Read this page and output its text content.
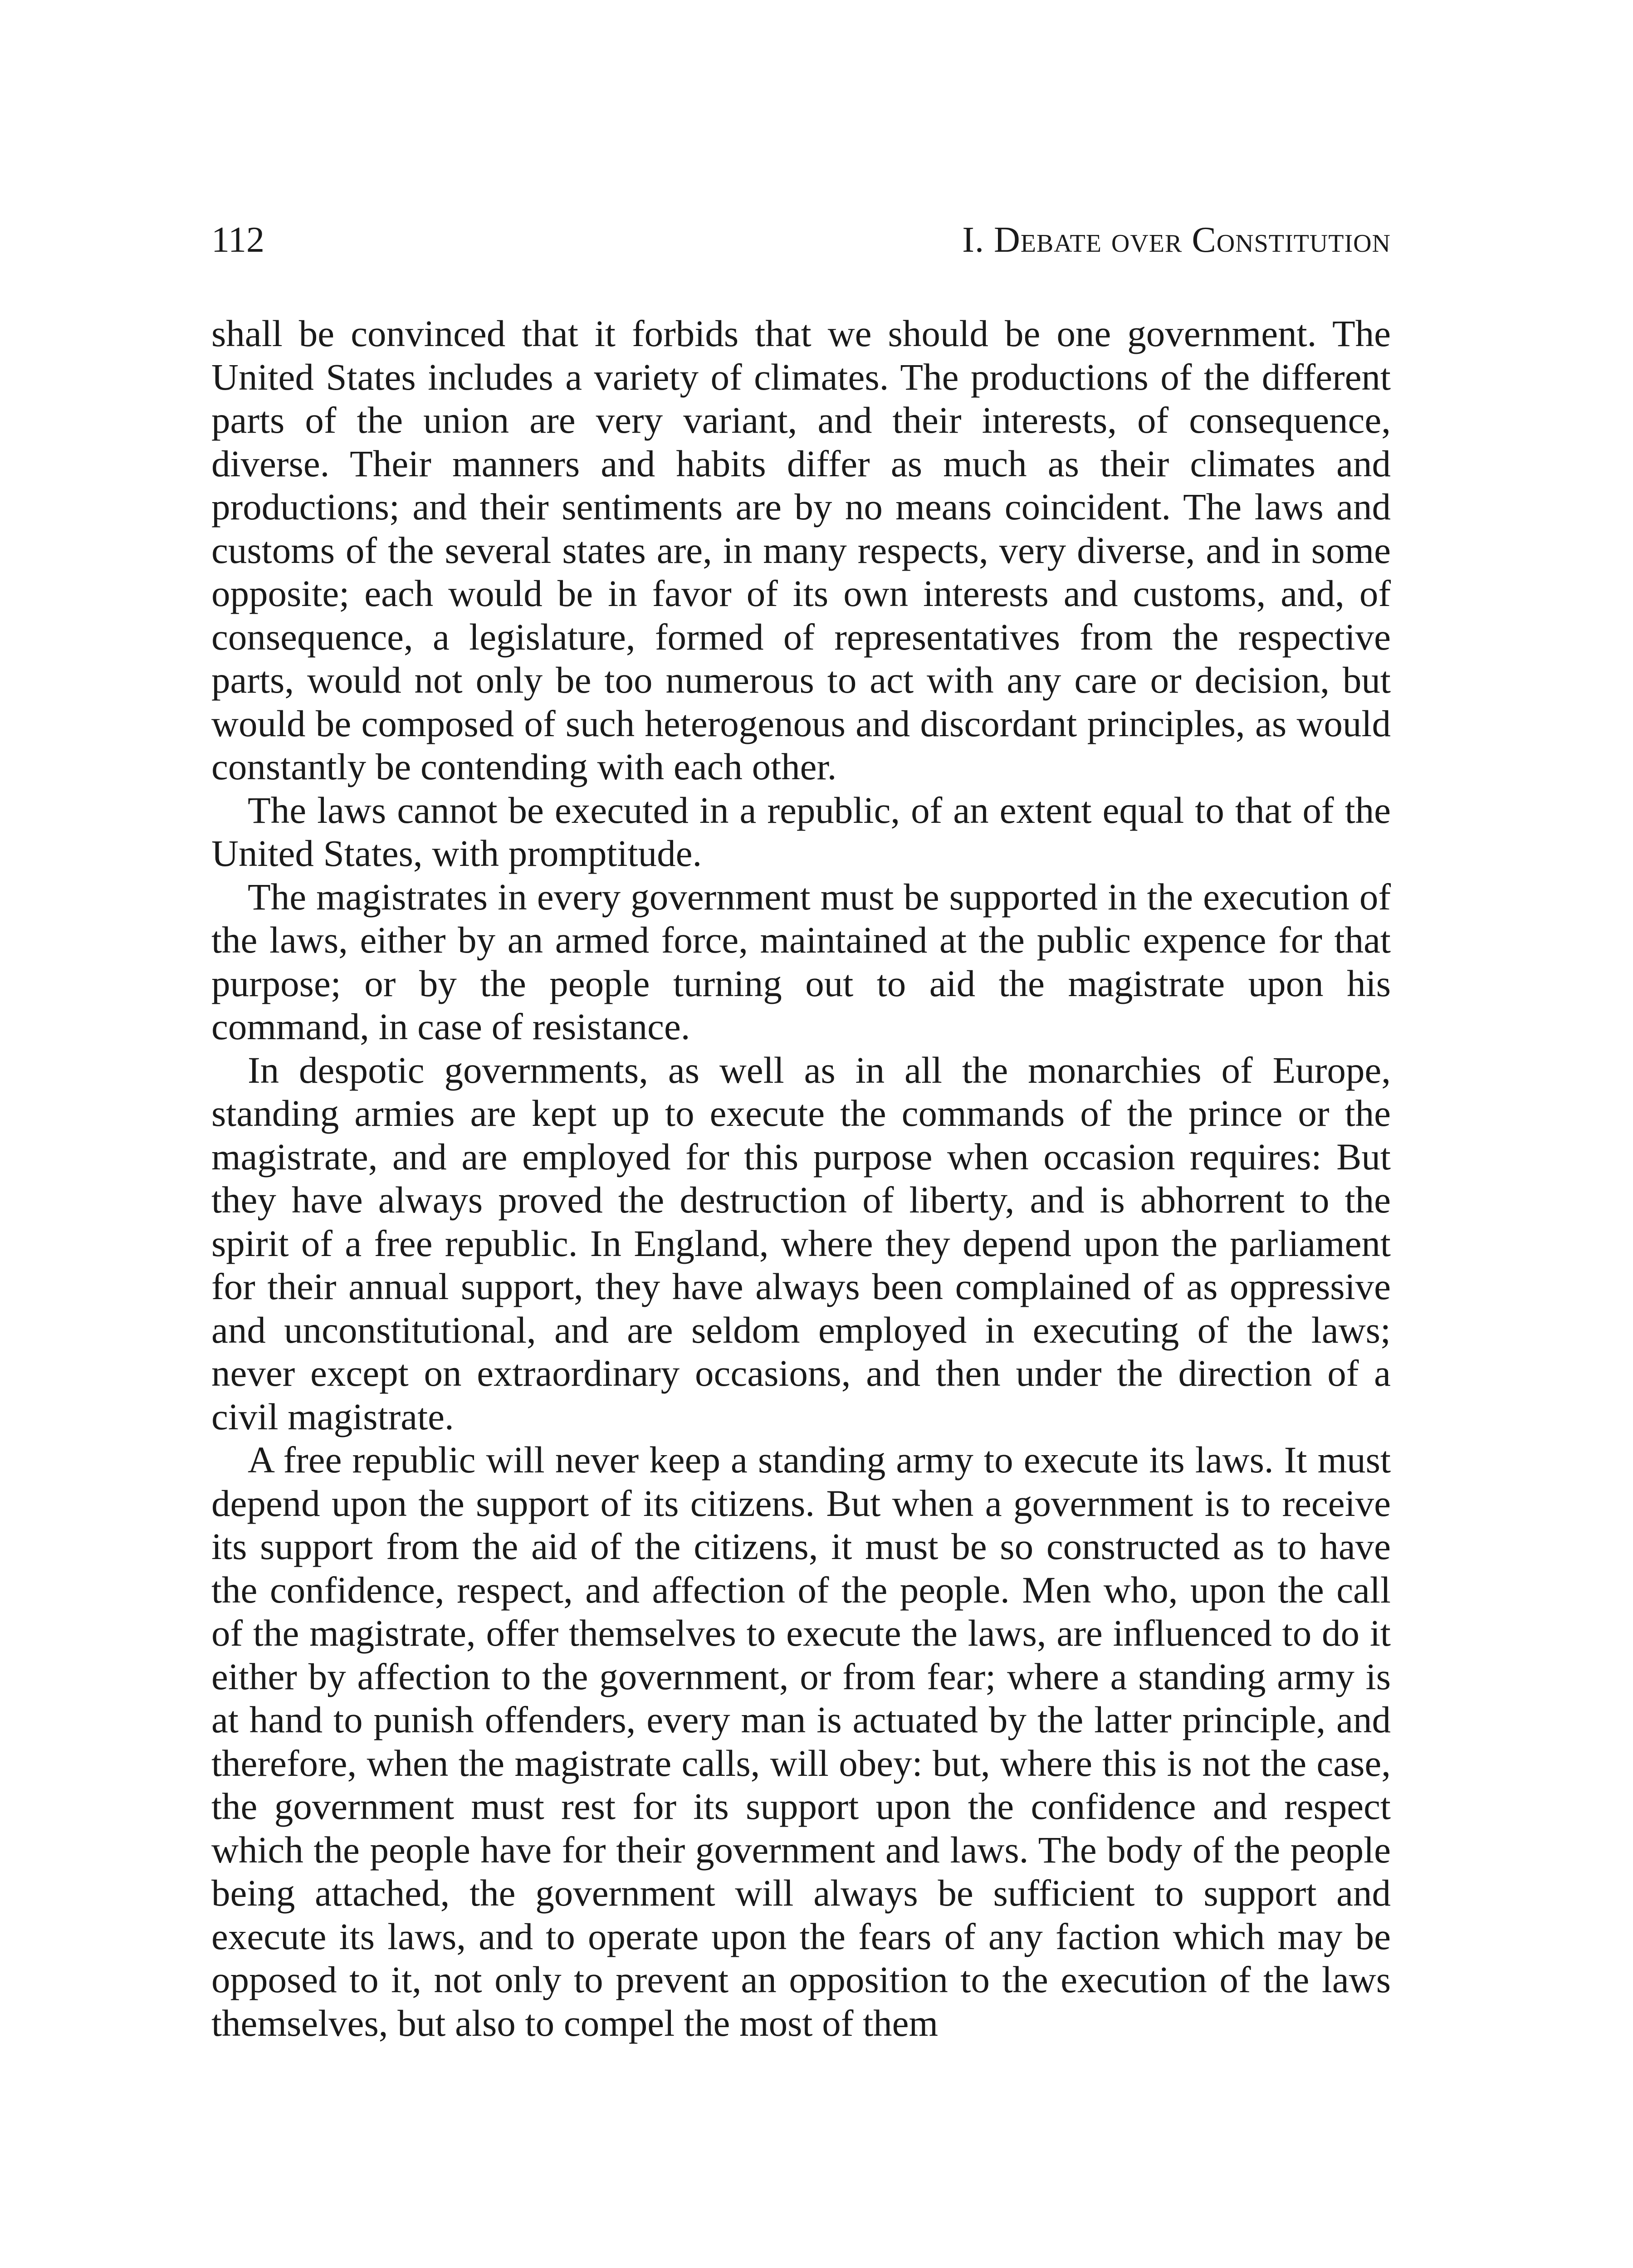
112	I. Debate over Constitution

shall be convinced that it forbids that we should be one government. The United States includes a variety of climates. The productions of the different parts of the union are very variant, and their interests, of consequence, diverse. Their manners and habits differ as much as their climates and productions; and their sentiments are by no means coincident. The laws and customs of the several states are, in many respects, very diverse, and in some opposite; each would be in favor of its own interests and customs, and, of consequence, a legislature, formed of representatives from the respective parts, would not only be too numerous to act with any care or decision, but would be composed of such heterogenous and discordant principles, as would constantly be contending with each other.

The laws cannot be executed in a republic, of an extent equal to that of the United States, with promptitude.

The magistrates in every government must be supported in the execution of the laws, either by an armed force, maintained at the public expence for that purpose; or by the people turning out to aid the magistrate upon his command, in case of resistance.

In despotic governments, as well as in all the monarchies of Europe, standing armies are kept up to execute the commands of the prince or the magistrate, and are employed for this purpose when occasion requires: But they have always proved the destruction of liberty, and is abhorrent to the spirit of a free republic. In England, where they depend upon the parliament for their annual support, they have always been complained of as oppressive and unconstitutional, and are seldom employed in executing of the laws; never except on extraordinary occasions, and then under the direction of a civil magistrate.

A free republic will never keep a standing army to execute its laws. It must depend upon the support of its citizens. But when a government is to receive its support from the aid of the citizens, it must be so constructed as to have the confidence, respect, and affection of the people. Men who, upon the call of the magistrate, offer themselves to execute the laws, are influenced to do it either by affection to the government, or from fear; where a standing army is at hand to punish offenders, every man is actuated by the latter principle, and therefore, when the magistrate calls, will obey: but, where this is not the case, the government must rest for its support upon the confidence and respect which the people have for their government and laws. The body of the people being attached, the government will always be sufficient to support and execute its laws, and to operate upon the fears of any faction which may be opposed to it, not only to prevent an opposition to the execution of the laws themselves, but also to compel the most of them
